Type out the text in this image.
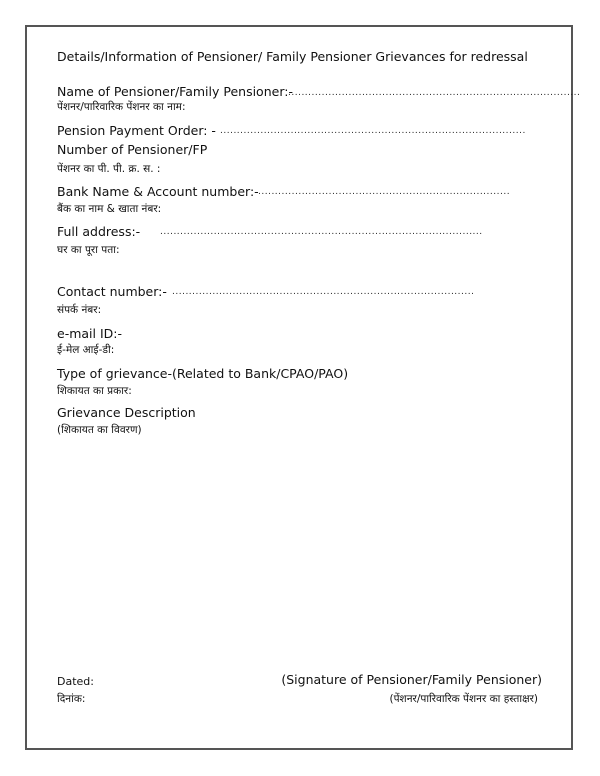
Details/Information of Pensioner/ Family Pensioner Grievances for redressal
Name of Pensioner/Family Pensioner:-
.......................................................................................
पेंशनर/पारिवारिक पेंशनर का नाम:
Pension Payment Order: - ...........................................................................................
Number of Pensioner/FP
पेंशनर का पी. पी. क्र. स. :
Bank Name & Account number:- ...........................................................................
बैंक का नाम & खाता नंबर:
Full address:- ................................................................................................
घर का पूरा पता:
Contact number:- ..........................................................................................
संपर्क नंबर:
e-mail ID:-
ई-मेल आई-डी:
Type of grievance-(Related to Bank/CPAO/PAO)
शिकायत का प्रकार:
Grievance Description
(शिकायत का विवरण)
Dated:
दिनांक:
(Signature of Pensioner/Family Pensioner)
(पेंशनर/पारिवारिक पेंशनर का हस्ताक्षर)
